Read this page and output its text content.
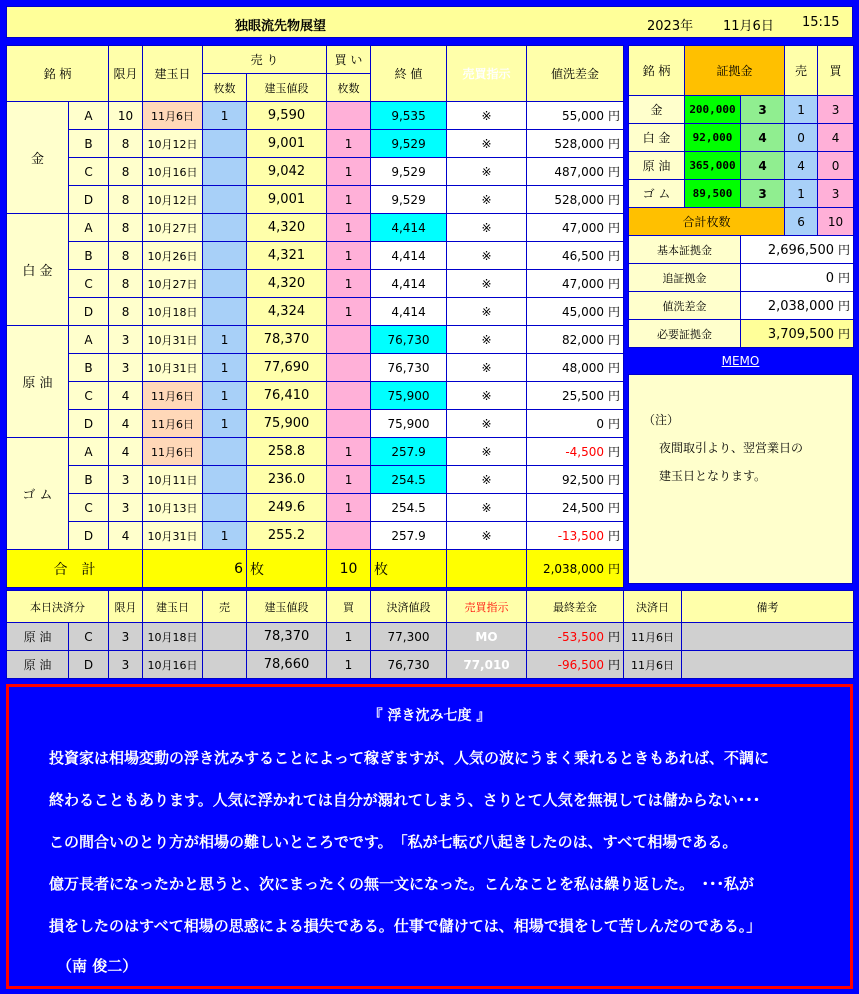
独眼流先物展望	2023年 11月6日 15:15
銘 柄		限月	建玉日	売 り		買 い	終 値	売買指示	値洗差金
				枚数	建玉値段	枚数			
金	A	10	11月6日	1	9,590		9,535	※	55,000 円
	B	8	10月12日		9,001	1	9,529	※	528,000 円
	C	8	10月16日		9,042	1	9,529	※	487,000 円
	D	8	10月12日		9,001	1	9,529	※	528,000 円
白 金	A	8	10月27日		4,320	1	4,414	※	47,000 円
	B	8	10月26日		4,321	1	4,414	※	46,500 円
	C	8	10月27日		4,320	1	4,414	※	47,000 円
	D	8	10月18日		4,324	1	4,414	※	45,000 円
原 油	A	3	10月31日	1	78,370		76,730	※	82,000 円
	B	3	10月31日	1	77,690		76,730	※	48,000 円
	C	4	11月6日	1	76,410		75,900	※	25,500 円
	D	4	11月6日	1	75,900		75,900	※	0 円
ゴ ム	A	4	11月6日		258.8	1	257.9	※	-4,500 円
	B	3	10月11日		236.0	1	254.5	※	92,500 円
	C	3	10月13日		249.6	1	254.5	※	24,500 円
	D	4	10月31日	1	255.2		257.9	※	-13,500 円
合　計			6		枚	10	枚		2,038,000 円
銘 柄	証拠金		売	買
金	200,000	3	1	3
白 金	92,000	4	0	4
原 油	365,000	4	4	0
ゴ ム	89,500	3	1	3
合計枚数			6	10
基本証拠金		2,696,500 円		
追証拠金		0 円		
値洗差金		2,038,000 円		
必要証拠金		3,709,500 円		
MEMO
（注）
夜間取引より、翌営業日の
建玉日となります。
本日決済分		限月	建玉日	売	建玉値段	買	決済値段	売買指示	最終差金	決済日	備考
原 油	C	3	10月18日		78,370	1	77,300	MO	-53,500 円	11月6日	
原 油	D	3	10月16日		78,660	1	76,730	77,010	-96,500 円	11月6日	

『 浮き沈み七度 』

投資家は相場変動の浮き沈みすることによって稼ぎますが、人気の波にうまく乗れるときもあれば、不調に

終わることもあります。人気に浮かれては自分が溺れてしまう、さりとて人気を無視しては儲からない･･･

この間合いのとり方が相場の難しいところでです。　「私が七転び八起きしたのは、すべて相場である。

億万長者になったかと思うと、次にまったくの無一文になった。こんなことを私は繰り返した。　･･･私が

損をしたのはすべて相場の思惑による損失である。仕事で儲けては、相場で損をして苦しんだのである。」

（南 俊二）
